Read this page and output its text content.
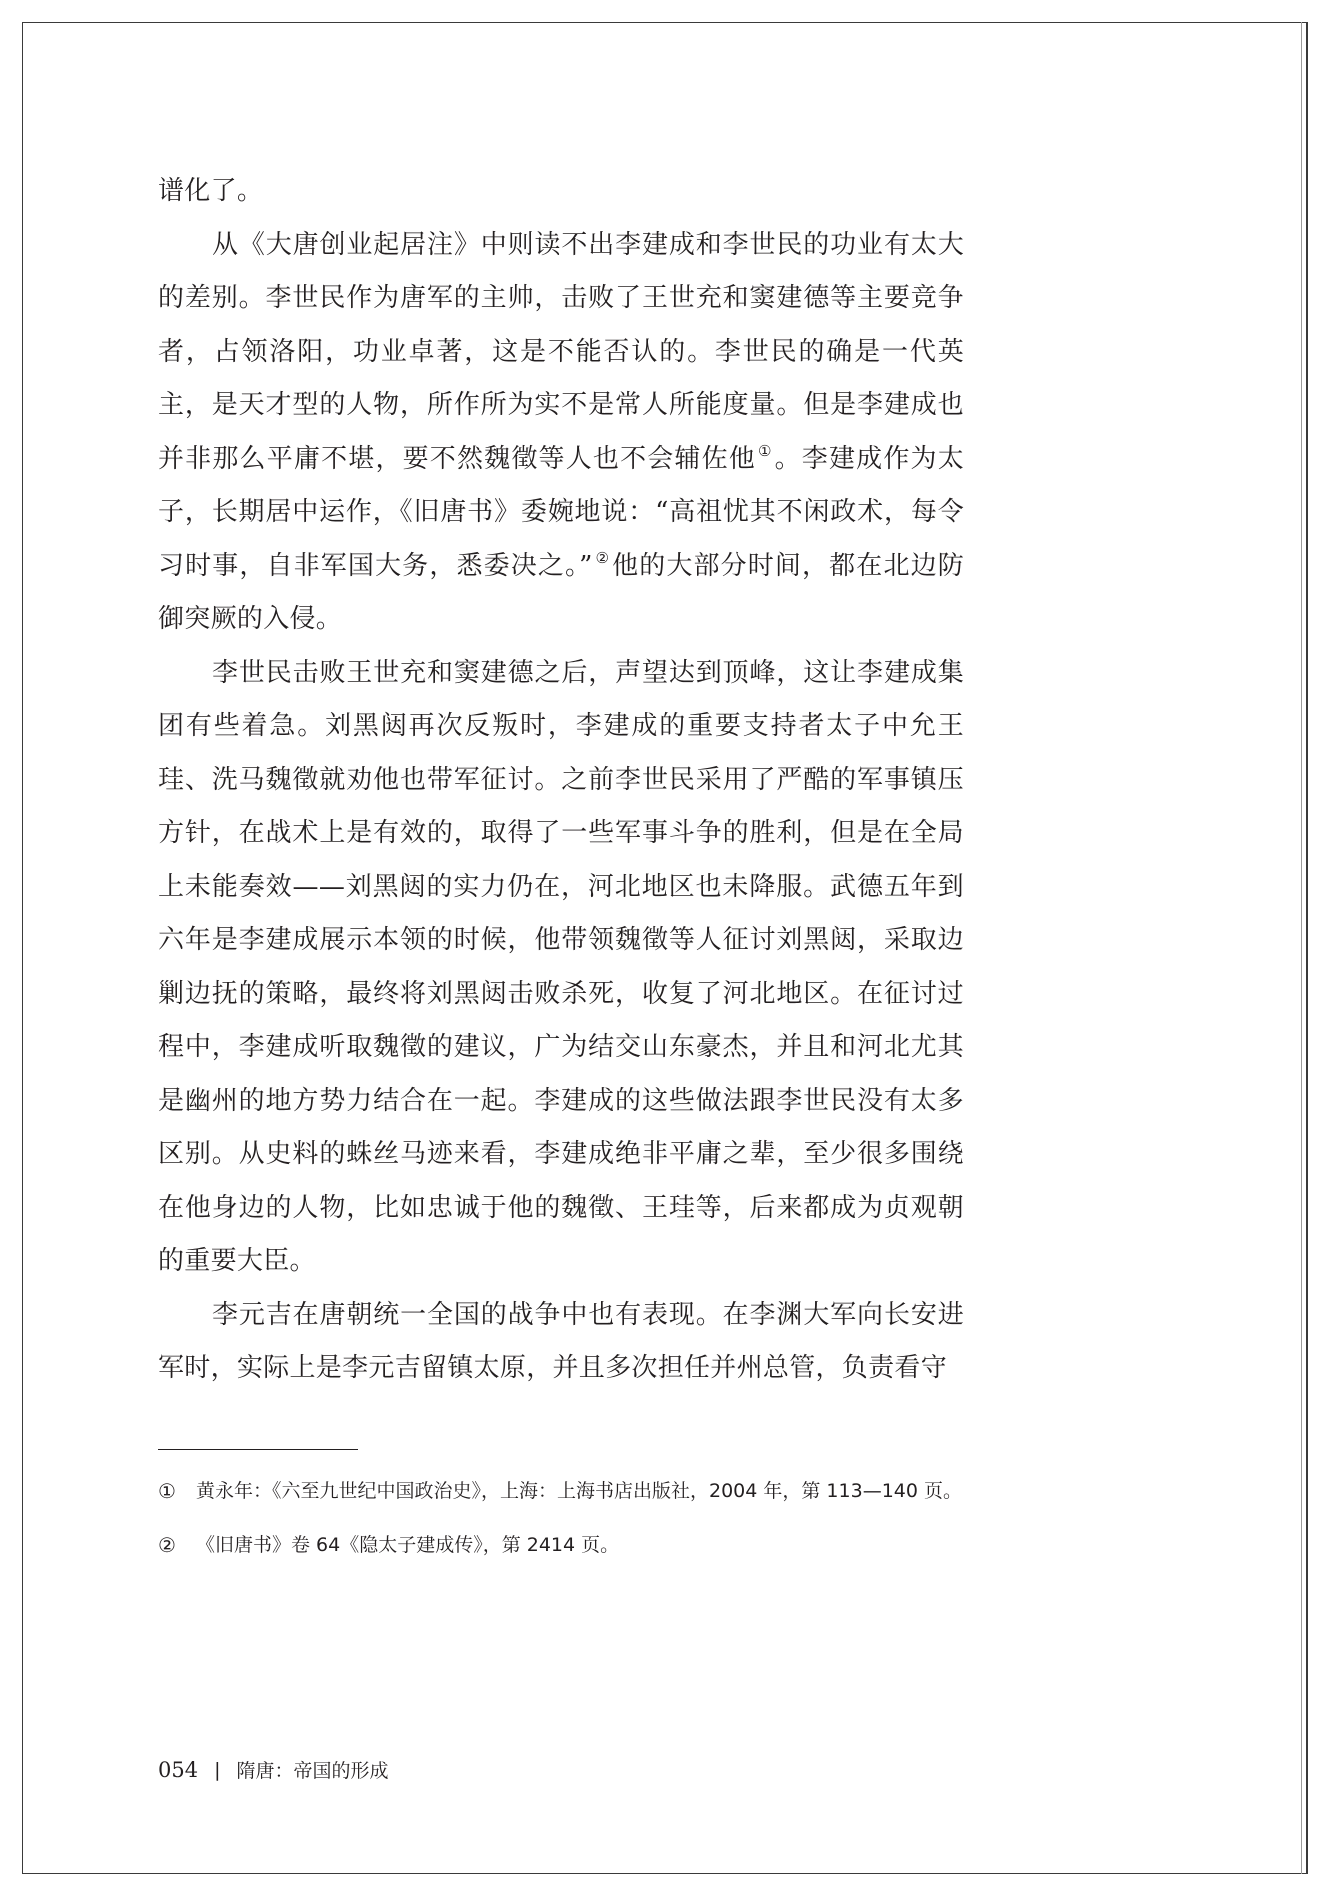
谱化了。

从《大唐创业起居注》中则读不出李建成和李世民的功业有太大的差别。李世民作为唐军的主帅，击败了王世充和窦建德等主要竞争者，占领洛阳，功业卓著，这是不能否认的。李世民的确是一代英主，是天才型的人物，所作所为实不是常人所能度量。但是李建成也并非那么平庸不堪，要不然魏徵等人也不会辅佐他 ①。李建成作为太子，长期居中运作，《旧唐书》委婉地说：“高祖忧其不闲政术，每令习时事，自非军国大务，悉委决之。” ②他的大部分时间，都在北边防御突厥的入侵。

李世民击败王世充和窦建德之后，声望达到顶峰，这让李建成集团有些着急。刘黑闼再次反叛时，李建成的重要支持者太子中允王珪、洗马魏徵就劝他也带军征讨。之前李世民采用了严酷的军事镇压方针，在战术上是有效的，取得了一些军事斗争的胜利，但是在全局上未能奏效——刘黑闼的实力仍在，河北地区也未降服。武德五年到六年是李建成展示本领的时候，他带领魏徵等人征讨刘黑闼，采取边剿边抚的策略，最终将刘黑闼击败杀死，收复了河北地区。在征讨过程中，李建成听取魏徵的建议，广为结交山东豪杰，并且和河北尤其是幽州的地方势力结合在一起。李建成的这些做法跟李世民没有太多区别。从史料的蛛丝马迹来看，李建成绝非平庸之辈，至少很多围绕在他身边的人物，比如忠诚于他的魏徵、王珪等，后来都成为贞观朝的重要大臣。

李元吉在唐朝统一全国的战争中也有表现。在李渊大军向长安进军时，实际上是李元吉留镇太原，并且多次担任并州总管，负责看守

①	黄永年：《六至九世纪中国政治史》，上海：上海书店出版社，2004 年，第 113—140 页。
②	《旧唐书》卷 64《隐太子建成传》，第 2414 页。
054 | 隋唐：帝国的形成
